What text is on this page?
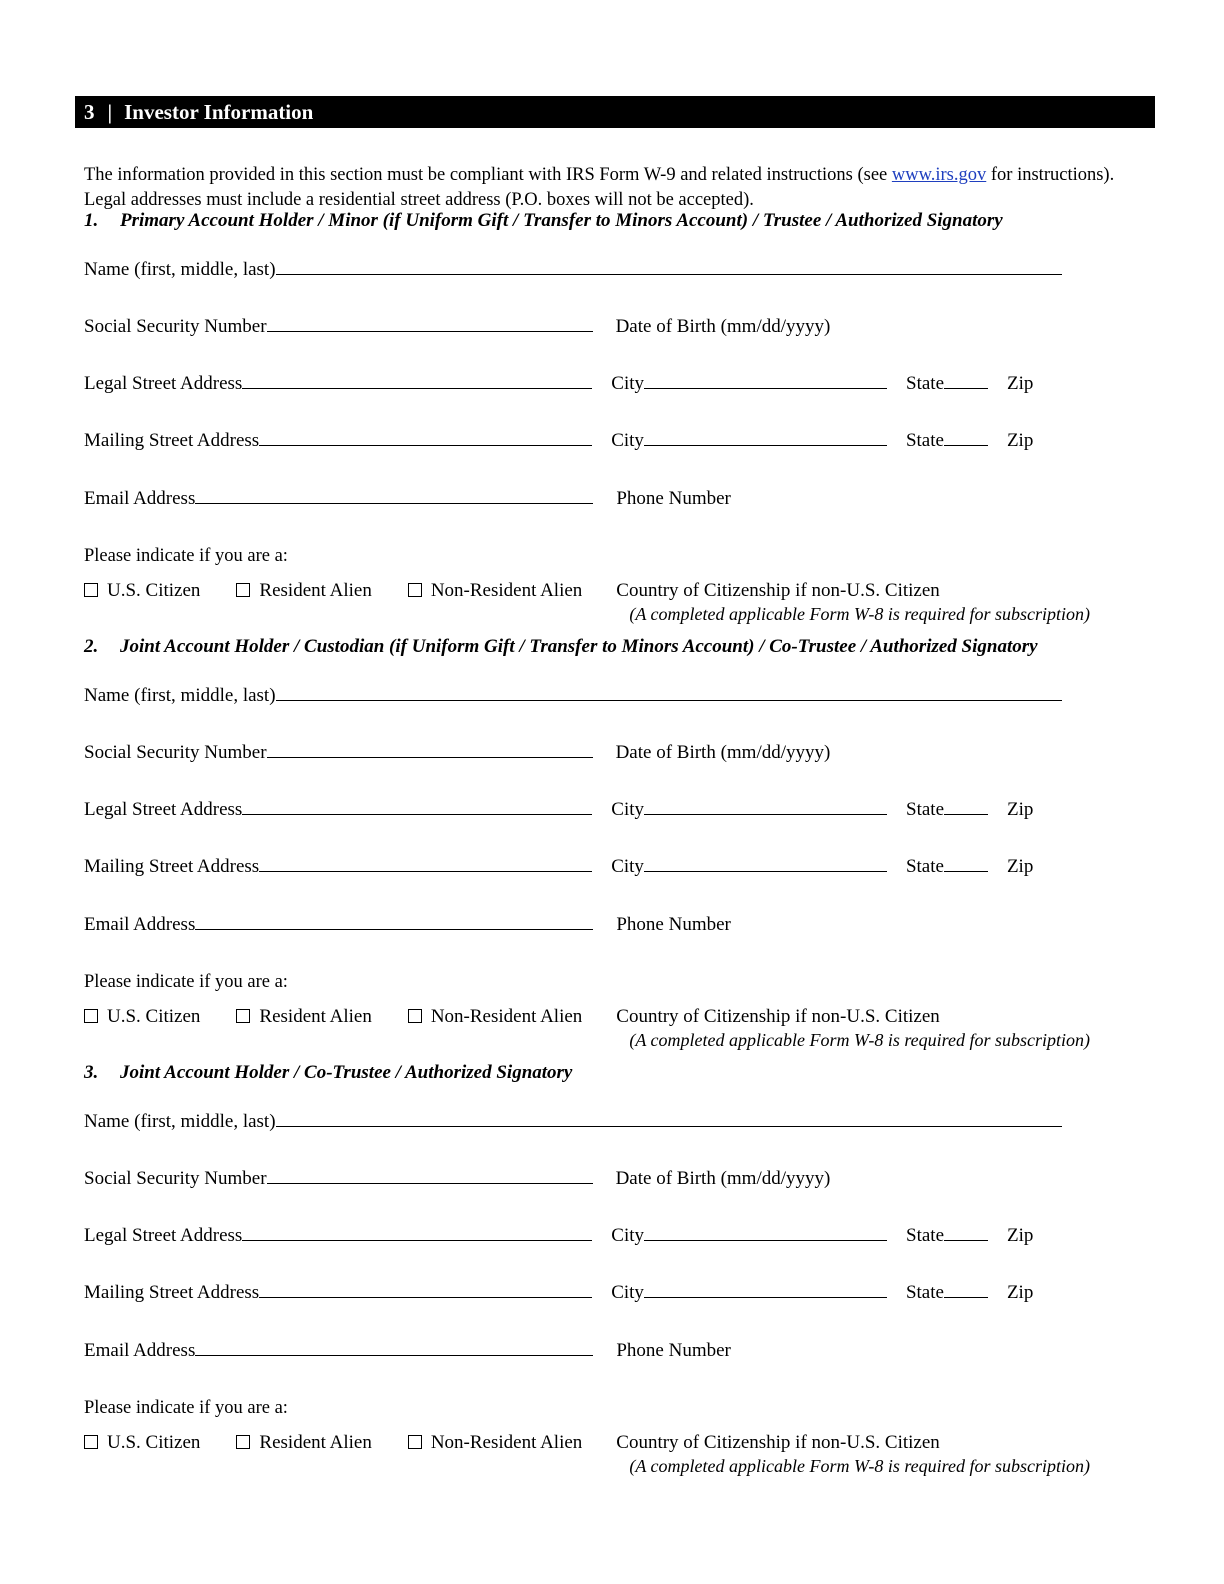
3 | Investor Information

The information provided in this section must be compliant with IRS Form W-9 and related instructions (see www.irs.gov for instructions). Legal addresses must include a residential street address (P.O. boxes will not be accepted).

1. Primary Account Holder / Minor (if Uniform Gift / Transfer to Minors Account) / Trustee / Authorized Signatory
Name (first, middle, last)
Social Security Number	Date of Birth (mm/dd/yyyy)
Legal Street Address	City	State	Zip
Mailing Street Address	City	State	Zip
Email Address	Phone Number
Please indicate if you are a:
U.S. Citizen	Resident Alien	Non-Resident Alien Country of Citizenship if non-U.S. Citizen
(A completed applicable Form W-8 is required for subscription)
2. Joint Account Holder / Custodian (if Uniform Gift / Transfer to Minors Account) / Co-Trustee / Authorized Signatory
Name (first, middle, last)
Social Security Number	Date of Birth (mm/dd/yyyy)
Legal Street Address	City	State	Zip
Mailing Street Address	City	State	Zip
Email Address	Phone Number
Please indicate if you are a:
U.S. Citizen	Resident Alien	Non-Resident Alien Country of Citizenship if non-U.S. Citizen
(A completed applicable Form W-8 is required for subscription)
3. Joint Account Holder / Co-Trustee / Authorized Signatory
Name (first, middle, last)
Social Security Number	Date of Birth (mm/dd/yyyy)
Legal Street Address	City	State	Zip
Mailing Street Address	City	State	Zip
Email Address	Phone Number
Please indicate if you are a:
U.S. Citizen	Resident Alien	Non-Resident Alien Country of Citizenship if non-U.S. Citizen
(A completed applicable Form W-8 is required for subscription)
